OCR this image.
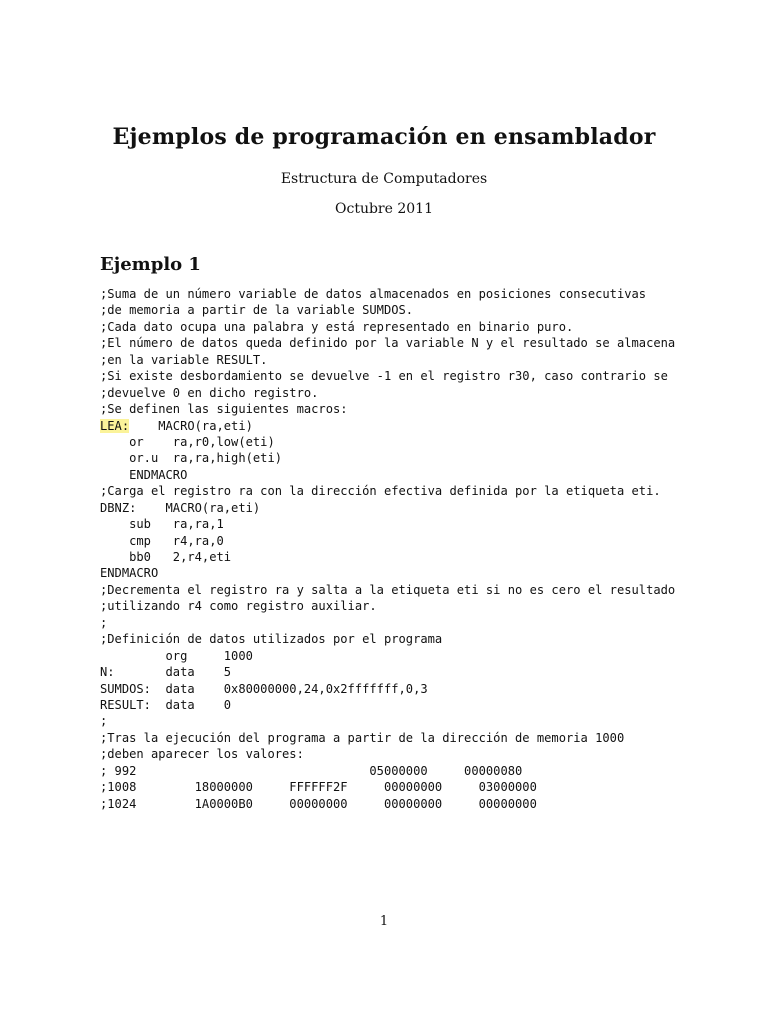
Ejemplos de programación en ensamblador
Estructura de Computadores
Octubre 2011
Ejemplo 1
;Suma de un número variable de datos almacenados en posiciones consecutivas
;de memoria a partir de la variable SUMDOS.
;Cada dato ocupa una palabra y está representado en binario puro.
;El número de datos queda definido por la variable N y el resultado se almacena
;en la variable RESULT.
;Si existe desbordamiento se devuelve -1 en el registro r30, caso contrario se
;devuelve 0 en dicho registro.
;Se definen las siguientes macros:
LEA:    MACRO(ra,eti)
or    ra,r0,low(eti)
or.u  ra,ra,high(eti)
ENDMACRO
;Carga el registro ra con la dirección efectiva definida por la etiqueta eti.
DBNZ:    MACRO(ra,eti)
sub   ra,ra,1
cmp   r4,ra,0
bb0   2,r4,eti
ENDMACRO
;Decrementa el registro ra y salta a la etiqueta eti si no es cero el resultado
;utilizando r4 como registro auxiliar.
;
;Definición de datos utilizados por el programa
org     1000
N:       data    5
SUMDOS:  data    0x80000000,24,0x2fffffff,0,3
RESULT:  data    0
;
;Tras la ejecución del programa a partir de la dirección de memoria 1000
;deben aparecer los valores:
; 992                                05000000     00000080
;1008        18000000     FFFFFF2F     00000000     03000000
;1024        1A0000B0     00000000     00000000     00000000
1
